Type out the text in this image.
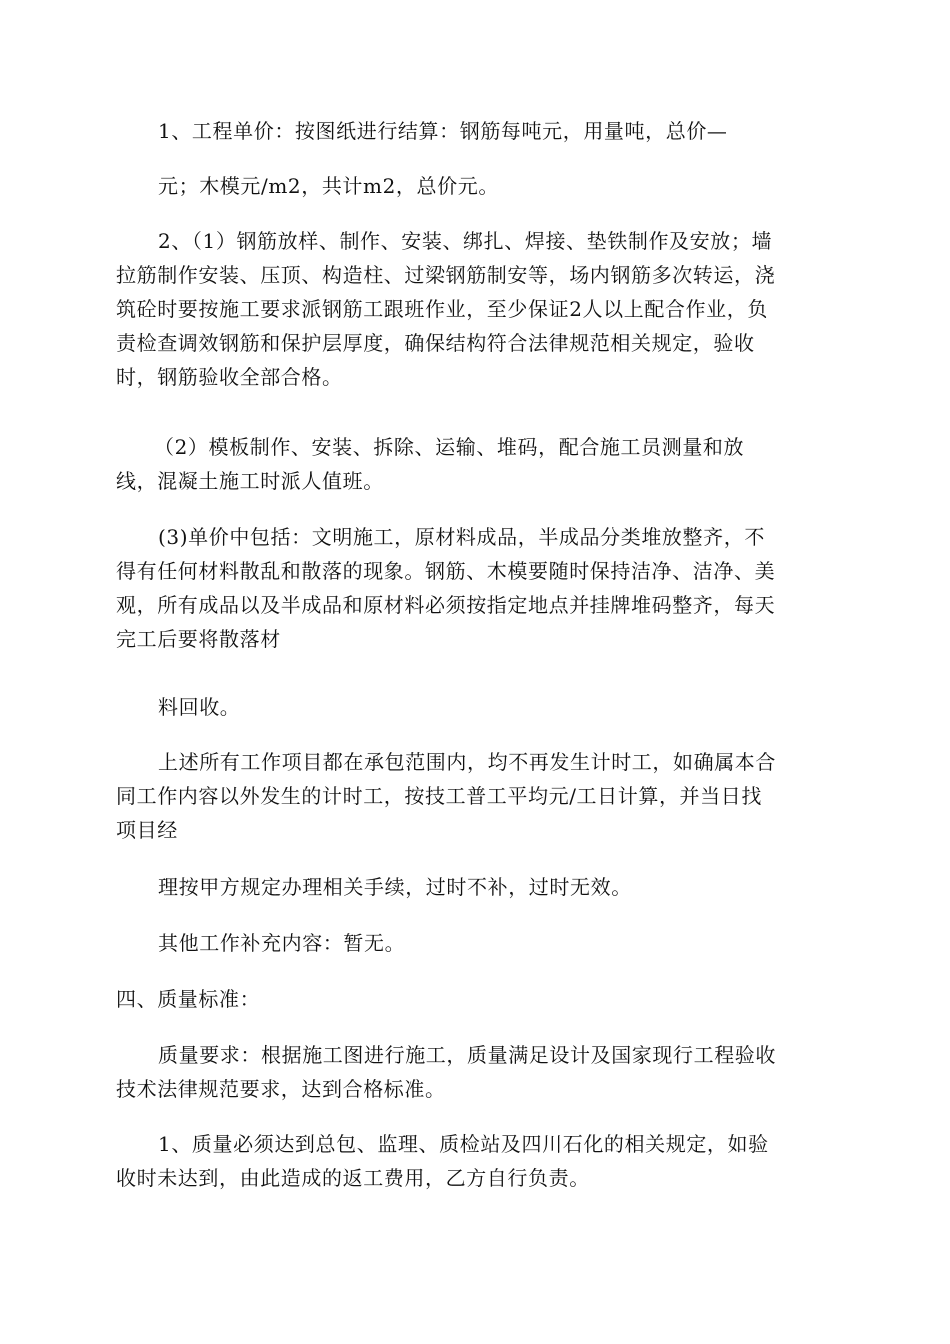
1、工程单价：按图纸进行结算：钢筋每吨元，用量吨，总价—
元；木模元/m2，共计m2，总价元。
2、（1）钢筋放样、制作、安装、绑扎、焊接、垫铁制作及安放；墙
拉筋制作安装、压顶、构造柱、过梁钢筋制安等，场内钢筋多次转运，浇
筑砼时要按施工要求派钢筋工跟班作业，至少保证2人以上配合作业，负
责检查调效钢筋和保护层厚度，确保结构符合法律规范相关规定，验收
时，钢筋验收全部合格。
（2）模板制作、安装、拆除、运输、堆码，配合施工员测量和放
线，混凝土施工时派人值班。
(3)单价中包括：文明施工，原材料成品，半成品分类堆放整齐，不
得有任何材料散乱和散落的现象。钢筋、木模要随时保持洁净、洁净、美
观，所有成品以及半成品和原材料必须按指定地点并挂牌堆码整齐，每天
完工后要将散落材
料回收。
上述所有工作项目都在承包范围内，均不再发生计时工，如确属本合
同工作内容以外发生的计时工，按技工普工平均元/工日计算，并当日找
项目经
理按甲方规定办理相关手续，过时不补，过时无效。
其他工作补充内容：暂无。
四、质量标准：
质量要求：根据施工图进行施工，质量满足设计及国家现行工程验收
技术法律规范要求，达到合格标准。
1、质量必须达到总包、监理、质检站及四川石化的相关规定，如验
收时未达到，由此造成的返工费用，乙方自行负责。
